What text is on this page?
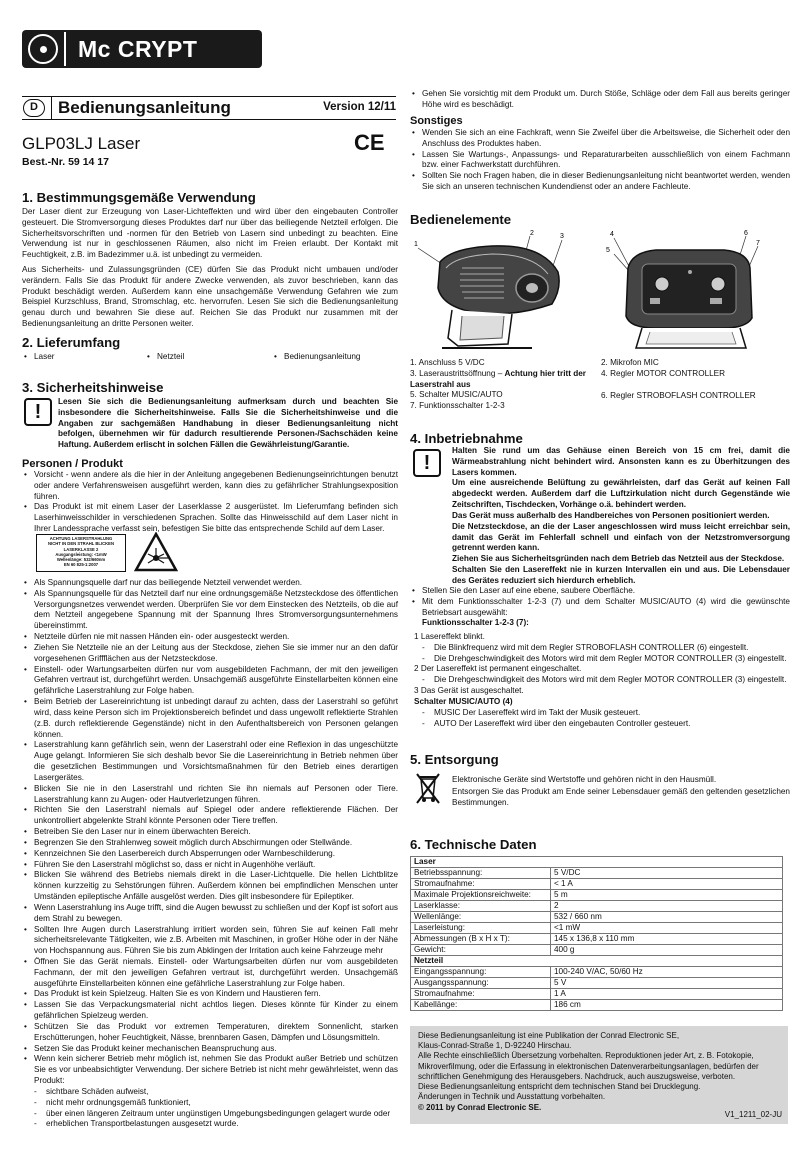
Mc CRYPT
D	Bedienungsanleitung	Version 12/11
GLP03LJ Laser	CE
Best.-Nr. 59 14 17
1. Bestimmungsgemäße Verwendung
Der Laser dient zur Erzeugung von Laser-Lichteffekten und wird über den eingebauten Controller gesteuert. Die Stromversorgung dieses Produktes darf nur über das beiliegende Netzteil erfolgen. Die Sicherheitsvorschriften und -normen für den Betrieb von Lasern sind unbedingt zu beachten. Eine Verwendung ist nur in geschlossenen Räumen, also nicht im Freien erlaubt. Der Kontakt mit Feuchtigkeit, z.B. im Badezimmer u.ä. ist unbedingt zu vermeiden.
Aus Sicherheits- und Zulassungsgründen (CE) dürfen Sie das Produkt nicht umbauen und/oder verändern. Falls Sie das Produkt für andere Zwecke verwenden, als zuvor beschrieben, kann das Produkt beschädigt werden. Außerdem kann eine unsachgemäße Verwendung Gefahren wie zum Beispiel Kurzschluss, Brand, Stromschlag, etc. hervorrufen. Lesen Sie sich die Bedienungsanleitung genau durch und bewahren Sie diese auf. Reichen Sie das Produkt nur zusammen mit der Bedienungsanleitung an dritte Personen weiter.
2. Lieferumfang
• Laser	• Netzteil	• Bedienungsanleitung
3. Sicherheitshinweise
!	Lesen Sie sich die Bedienungsanleitung aufmerksam durch und beachten Sie insbesondere die Sicherheitshinweise. Falls Sie die Sicherheitshinweise und die Angaben zur sachgemäßen Handhabung in dieser Bedienungsanleitung nicht befolgen, übernehmen wir für dadurch resultierende Personen-/Sachschäden keine Haftung. Außerdem erlischt in solchen Fällen die Gewährleistung/Garantie.
Personen / Produkt
• Vorsicht - wenn andere als die hier in der Anleitung angegebenen Bedienungseinrichtungen benutzt oder andere Verfahrensweisen ausgeführt werden, kann dies zu gefährlicher Strahlungsexposition führen.
• Das Produkt ist mit einem Laser der Laserklasse 2 ausgerüstet. Im Lieferumfang befinden sich Laserhinweisschilder in verschiedenen Sprachen. Sollte das Hinweisschild auf dem Laser nicht in Ihrer Landessprache verfasst sein, befestigen Sie bitte das entsprechende Schild auf dem Laser.
ACHTUNG LASERSTRAHLUNG
NICHT IN DEN STRAHL BLICKEN
LASERKLASSE 2
Ausgangsleistung: <1mW
Wellenlänge: 532/660nm
EN 60 825-1:2007
• Als Spannungsquelle darf nur das beiliegende Netzteil verwendet werden.
• Als Spannungsquelle für das Netzteil darf nur eine ordnungsgemäße Netzsteckdose des öffentlichen Versorgungsnetzes verwendet werden. Überprüfen Sie vor dem Einstecken des Netzteils, ob die auf dem Netzteil angegebene Spannung mit der Spannung Ihres Stromversorgungsunternehmens übereinstimmt.
• Netzteile dürfen nie mit nassen Händen ein- oder ausgesteckt werden.
• Ziehen Sie Netzteile nie an der Leitung aus der Steckdose, ziehen Sie sie immer nur an den dafür vorgesehenen Griffflächen aus der Netzsteckdose.
• Einstell- oder Wartungsarbeiten dürfen nur vom ausgebildeten Fachmann, der mit den jeweiligen Gefahren vertraut ist, durchgeführt werden. Unsachgemäß ausgeführte Einstellarbeiten können eine gefährliche Laserstrahlung zur Folge haben.
• Beim Betrieb der Lasereinrichtung ist unbedingt darauf zu achten, dass der Laserstrahl so geführt wird, dass keine Person sich im Projektionsbereich befindet und dass ungewollt reflektierte Strahlen (z.B. durch reflektierende Gegenstände) nicht in den Aufenthaltsbereich von Personen gelangen können.
• Laserstrahlung kann gefährlich sein, wenn der Laserstrahl oder eine Reflexion in das ungeschützte Auge gelangt. Informieren Sie sich deshalb bevor Sie die Lasereinrichtung in Betrieb nehmen über die gesetzlichen Bestimmungen und Vorsichtsmaßnahmen für den Betrieb eines derartigen Lasergerätes.
• Blicken Sie nie in den Laserstrahl und richten Sie ihn niemals auf Personen oder Tiere. Laserstrahlung kann zu Augen- oder Hautverletzungen führen.
• Richten Sie den Laserstrahl niemals auf Spiegel oder andere reflektierende Flächen. Der unkontrolliert abgelenkte Strahl könnte Personen oder Tiere treffen.
• Betreiben Sie den Laser nur in einem überwachten Bereich.
• Begrenzen Sie den Strahlenweg soweit möglich durch Abschirmungen oder Stellwände.
• Kennzeichnen Sie den Laserbereich durch Absperrungen oder Warnbeschilderung.
• Führen Sie den Laserstrahl möglichst so, dass er nicht in Augenhöhe verläuft.
• Blicken Sie während des Betriebs niemals direkt in die Laser-Lichtquelle. Die hellen Lichtblitze können kurzzeitig zu Sehstörungen führen. Außerdem können bei empfindlichen Menschen unter Umständen epileptische Anfälle ausgelöst werden. Dies gilt insbesondere für Epileptiker.
• Wenn Laserstrahlung ins Auge trifft, sind die Augen bewusst zu schließen und der Kopf ist sofort aus dem Strahl zu bewegen.
• Sollten Ihre Augen durch Laserstrahlung irritiert worden sein, führen Sie auf keinen Fall mehr sicherheitsrelevante Tätigkeiten, wie z.B. Arbeiten mit Maschinen, in großer Höhe oder in der Nähe von Hochspannung aus. Führen Sie bis zum Abklingen der Irritation auch keine Fahrzeuge mehr
• Öffnen Sie das Gerät niemals. Einstell- oder Wartungsarbeiten dürfen nur vom ausgebildeten Fachmann, der mit den jeweiligen Gefahren vertraut ist, durchgeführt werden. Unsachgemäß ausgeführte Einstellarbeiten können eine gefährliche Laserstrahlung zur Folge haben.
• Das Produkt ist kein Spielzeug. Halten Sie es von Kindern und Haustieren fern.
• Lassen Sie das Verpackungsmaterial nicht achtlos liegen. Dieses könnte für Kinder zu einem gefährlichen Spielzeug werden.
• Schützen Sie das Produkt vor extremen Temperaturen, direktem Sonnenlicht, starken Erschütterungen, hoher Feuchtigkeit, Nässe, brennbaren Gasen, Dämpfen und Lösungsmitteln.
• Setzen Sie das Produkt keiner mechanischen Beanspruchung aus.
• Wenn kein sicherer Betrieb mehr möglich ist, nehmen Sie das Produkt außer Betrieb und schützen Sie es vor unbeabsichtigter Verwendung. Der sichere Betrieb ist nicht mehr gewährleistet, wenn das Produkt:
- sichtbare Schäden aufweist,
- nicht mehr ordnungsgemäß funktioniert,
- über einen längeren Zeitraum unter ungünstigen Umgebungsbedingungen gelagert wurde oder
- erheblichen Transportbelastungen ausgesetzt wurde.
• Gehen Sie vorsichtig mit dem Produkt um. Durch Stöße, Schläge oder dem Fall aus bereits geringer Höhe wird es beschädigt.
Sonstiges
• Wenden Sie sich an eine Fachkraft, wenn Sie Zweifel über die Arbeitsweise, die Sicherheit oder den Anschluss des Produktes haben.
• Lassen Sie Wartungs-, Anpassungs- und Reparaturarbeiten ausschließlich von einem Fachmann bzw. einer Fachwerkstatt durchführen.
• Sollten Sie noch Fragen haben, die in dieser Bedienungsanleitung nicht beantwortet werden, wenden Sie sich an unseren technischen Kundendienst oder an andere Fachleute.
Bedienelemente
1
2	3	4
5
6
7
1. Anschluss 5 V/DC
3. Laseraustrittsöffnung – Achtung hier tritt der Laserstrahl aus
5. Schalter MUSIC/AUTO
7. Funktionsschalter 1-2-3
2. Mikrofon MIC
4. Regler MOTOR CONTROLLER
6. Regler STROBOFLASH CONTROLLER
4. Inbetriebnahme
!
Halten Sie rund um das Gehäuse einen Bereich von 15 cm frei, damit die Wärmeabstrahlung nicht behindert wird. Ansonsten kann es zu Überhitzungen des Lasers kommen.
Um eine ausreichende Belüftung zu gewährleisten, darf das Gerät auf keinen Fall abgedeckt werden. Außerdem darf die Luftzirkulation nicht durch Gegenstände wie Zeitschriften, Tischdecken, Vorhänge o.ä. behindert werden.
Das Gerät muss außerhalb des Handbereiches von Personen positioniert werden.
Die Netzsteckdose, an die der Laser angeschlossen wird muss leicht erreichbar sein, damit das Gerät im Fehlerfall schnell und einfach von der Netzstromversorgung getrennt werden kann.
Ziehen Sie aus Sicherheitsgründen nach dem Betrieb das Netzteil aus der Steckdose.
Schalten Sie den Lasereffekt nie in kurzen Intervallen ein und aus. Die Lebensdauer des Gerätes reduziert sich hierdurch erheblich.
• Stellen Sie den Laser auf eine ebene, saubere Oberfläche.
• Mit dem Funktionsschalter 1-2-3 (7) und dem Schalter MUSIC/AUTO (4) wird die gewünschte Betriebsart ausgewählt:
Funktionsschalter 1-2-3 (7):
1 Lasereffekt blinkt.
- Die Blinkfrequenz wird mit dem Regler STROBOFLASH CONTROLLER (6) eingestellt.
- Die Drehgeschwindigkeit des Motors wird mit dem Regler MOTOR CONTROLLER (3) eingestellt.
2 Der Lasereffekt ist permanent eingeschaltet.
- Die Drehgeschwindigkeit des Motors wird mit dem Regler MOTOR CONTROLLER (3) eingestellt.
3 Das Gerät ist ausgeschaltet.
Schalter MUSIC/AUTO (4)
- MUSIC Der Lasereffekt wird im Takt der Musik gesteuert.
- AUTO Der Lasereffekt wird über den eingebauten Controller gesteuert.
5. Entsorgung
Elektronische Geräte sind Wertstoffe und gehören nicht in den Hausmüll.
Entsorgen Sie das Produkt am Ende seiner Lebensdauer gemäß den geltenden gesetzlichen Bestimmungen.
6. Technische Daten
Laser	
Betriebsspannung:	5 V/DC
Stromaufnahme:	< 1 A
Maximale Projektionsreichweite:	5 m
Laserklasse:	2
Wellenlänge:	532 / 660 nm
Laserleistung:	<1 mW
Abmessungen (B x H x T):	145 x 136,8 x 110 mm
Gewicht:	400 g
Netzteil	
Eingangsspannung:	100-240 V/AC, 50/60 Hz
Ausgangsspannung:	5 V
Stromaufnahme:	1 A
Kabellänge:	186 cm
Diese Bedienungsanleitung ist eine Publikation der Conrad Electronic SE,
Klaus-Conrad-Straße 1, D-92240 Hirschau.
Alle Rechte einschließlich Übersetzung vorbehalten. Reproduktionen jeder Art, z. B. Fotokopie, Mikroverfilmung, oder die Erfassung in elektronischen Datenverarbeitungsanlagen, bedürfen der schriftlichen Genehmigung des Herausgebers. Nachdruck, auch auszugsweise, verboten.
Diese Bedienungsanleitung entspricht dem technischen Stand bei Drucklegung.
Änderungen in Technik und Ausstattung vorbehalten.
© 2011 by Conrad Electronic SE.
V1_1211_02-JU
